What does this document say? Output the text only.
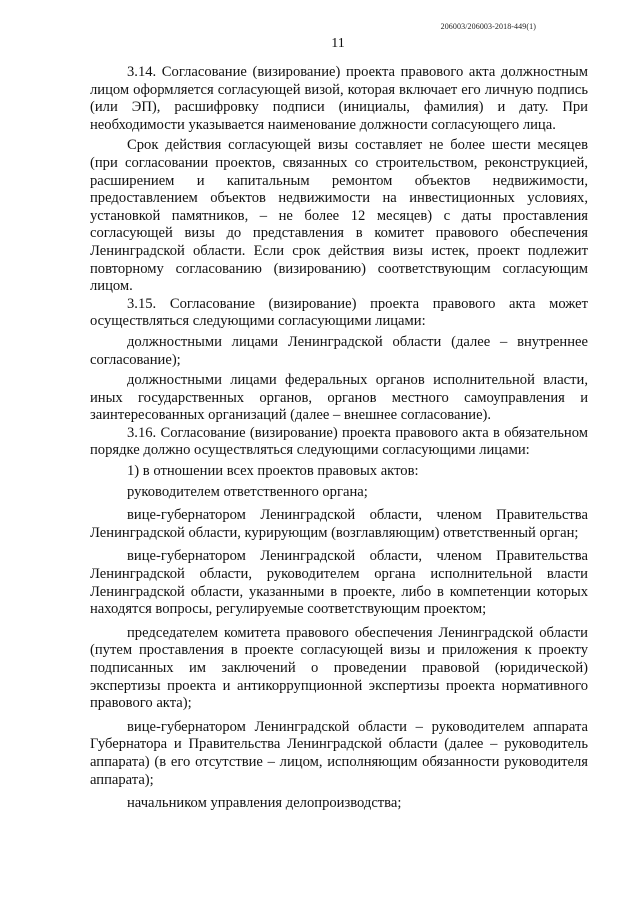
206003/206003-2018-449(1)
11

3.14. Согласование (визирование) проекта правового акта должностным лицом оформляется согласующей визой, которая включает его личную подпись (или ЭП), расшифровку подписи (инициалы, фамилия) и дату. При необходимости указывается наименование должности согласующего лица.

Срок действия согласующей визы составляет не более шести месяцев (при согласовании проектов, связанных со строительством, реконструкцией, расширением и капитальным ремонтом объектов недвижимости, предоставлением объектов недвижимости на инвестиционных условиях, установкой памятников, – не более 12 месяцев) с даты проставления согласующей визы до представления в комитет правового обеспечения Ленинградской области. Если срок действия визы истек, проект подлежит повторному согласованию (визированию) соответствующим согласующим лицом.

3.15. Согласование (визирование) проекта правового акта может осуществляться следующими согласующими лицами:

должностными лицами Ленинградской области (далее – внутреннее согласование);

должностными лицами федеральных органов исполнительной власти, иных государственных органов, органов местного самоуправления и заинтересованных организаций (далее – внешнее согласование).

3.16. Согласование (визирование) проекта правового акта в обязательном порядке должно осуществляться следующими согласующими лицами:

1) в отношении всех проектов правовых актов:

руководителем ответственного органа;

вице-губернатором Ленинградской области, членом Правительства Ленинградской области, курирующим (возглавляющим) ответственный орган;

вице-губернатором Ленинградской области, членом Правительства Ленинградской области, руководителем органа исполнительной власти Ленинградской области, указанными в проекте, либо в компетенции которых находятся вопросы, регулируемые соответствующим проектом;

председателем комитета правового обеспечения Ленинградской области (путем проставления в проекте согласующей визы и приложения к проекту подписанных им заключений о проведении правовой (юридической) экспертизы проекта и антикоррупционной экспертизы проекта нормативного правового акта);

вице-губернатором Ленинградской области – руководителем аппарата Губернатора и Правительства Ленинградской области (далее – руководитель аппарата) (в его отсутствие – лицом, исполняющим обязанности руководителя аппарата);

начальником управления делопроизводства;
